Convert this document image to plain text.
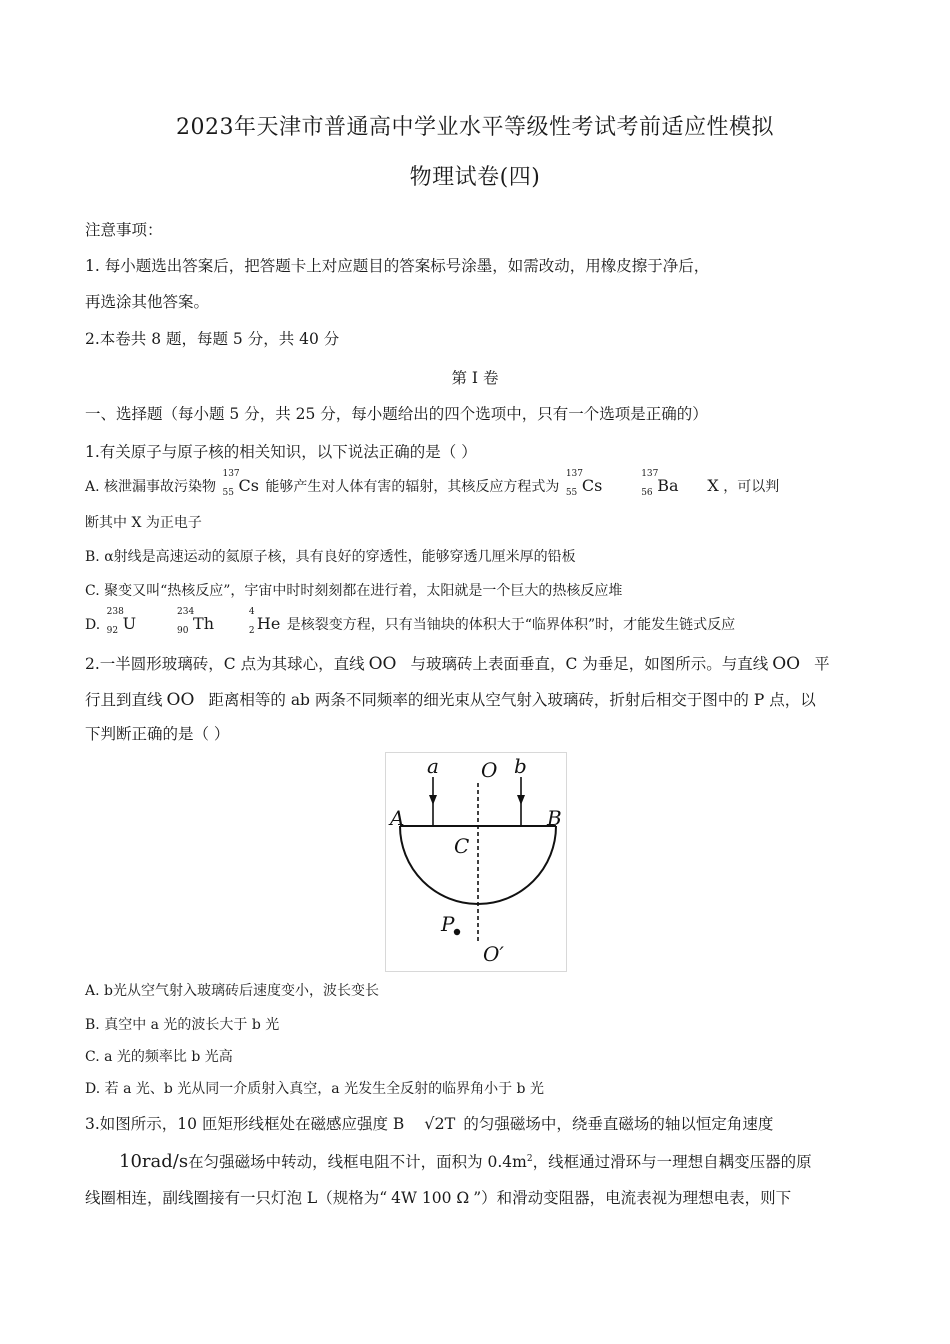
2023年天津市普通高中学业水平等级性考试考前适应性模拟
物理试卷(四)
注意事项：
1. 每小题选出答案后，把答题卡上对应题目的答案标号涂墨，如需改动，用橡皮擦于净后，
再选涂其他答案。
2.本卷共 8 题，每题 5 分，共 40 分
第 I 卷
一、选择题（每小题 5 分，共 25 分，每小题给出的四个选项中，只有一个选项是正确的）
1.有关原子与原子核的相关知识，以下说法正确的是（ ）
A. 核泄漏事故污染物
137
55 Cs 能够产生对人体有害的辐射，其核反应方程式为
137
55 Cs
137
56 Ba X ，可以判
断其中 X 为正电子
B. α射线是高速运动的氦原子核，具有良好的穿透性，能够穿透几厘米厚的铅板
C. 聚变又叫“热核反应”，宇宙中时时刻刻都在进行着，太阳就是一个巨大的热核反应堆
D.
238
92 U
234
90 Th
4
2 He 是核裂变方程，只有当铀块的体积大于“临界体积”时，才能发生链式反应
2.一半圆形玻璃砖，C 点为其球心，直线 OO 与玻璃砖上表面垂直，C 为垂足，如图所示。与直线 OO 平
行且到直线 OO 距离相等的 ab 两条不同频率的细光束从空气射入玻璃砖，折射后相交于图中的 P 点，以
下判断正确的是（ ）
a O b
A	B
C
P
O′
A. b光从空气射入玻璃砖后速度变小，波长变长
B. 真空中 a 光的波长大于 b 光
C. a 光的频率比 b 光高
D. 若 a 光、b 光从同一介质射入真空，a 光发生全反射的临界角小于 b 光
3.如图所示，10 匝矩形线框处在磁感应强度 B √2T 的匀强磁场中，绕垂直磁场的轴以恒定角速度
10rad/s在匀强磁场中转动，线框电阻不计，面积为 $0.4m^2$，线框通过滑环与一理想自耦变压器的原
线圈相连，副线圈接有一只灯泡 L（规格为“ 4W 100 Ω ”）和滑动变阻器，电流表视为理想电表，则下
